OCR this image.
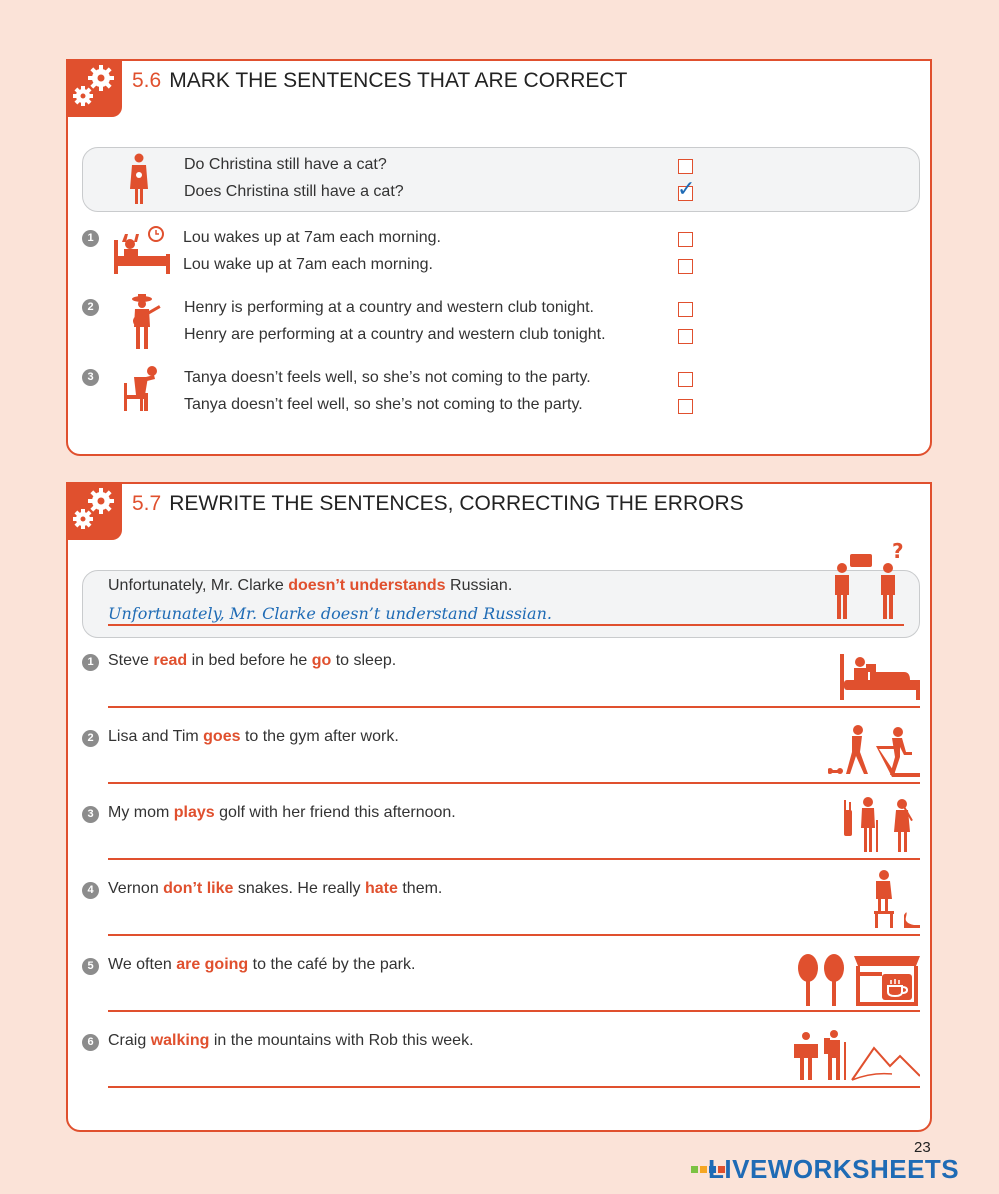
5.6 MARK THE SENTENCES THAT ARE CORRECT
Do Christina still have a cat?
Does Christina still have a cat?	✓
1	Lou wakes up at 7am each morning.
Lou wake up at 7am each morning.
2	Henry is performing at a country and western club tonight.
Henry are performing at a country and western club tonight.
3	Tanya doesn’t feels well, so she’s not coming to the party.
Tanya doesn’t feel well, so she’s not coming to the party.
5.7 REWRITE THE SENTENCES, CORRECTING THE ERRORS
Unfortunately, Mr. Clarke doesn’t understands Russian.
Unfortunately, Mr. Clarke doesn’t understand Russian.
?
1 Steve read in bed before he go to sleep.
2 Lisa and Tim goes to the gym after work.
3 My mom plays golf with her friend this afternoon.
4 Vernon don’t like snakes. He really hate them.
5 We often are going to the café by the park.
6 Craig walking in the mountains with Rob this week.
23
LIVEWORKSHEETS
